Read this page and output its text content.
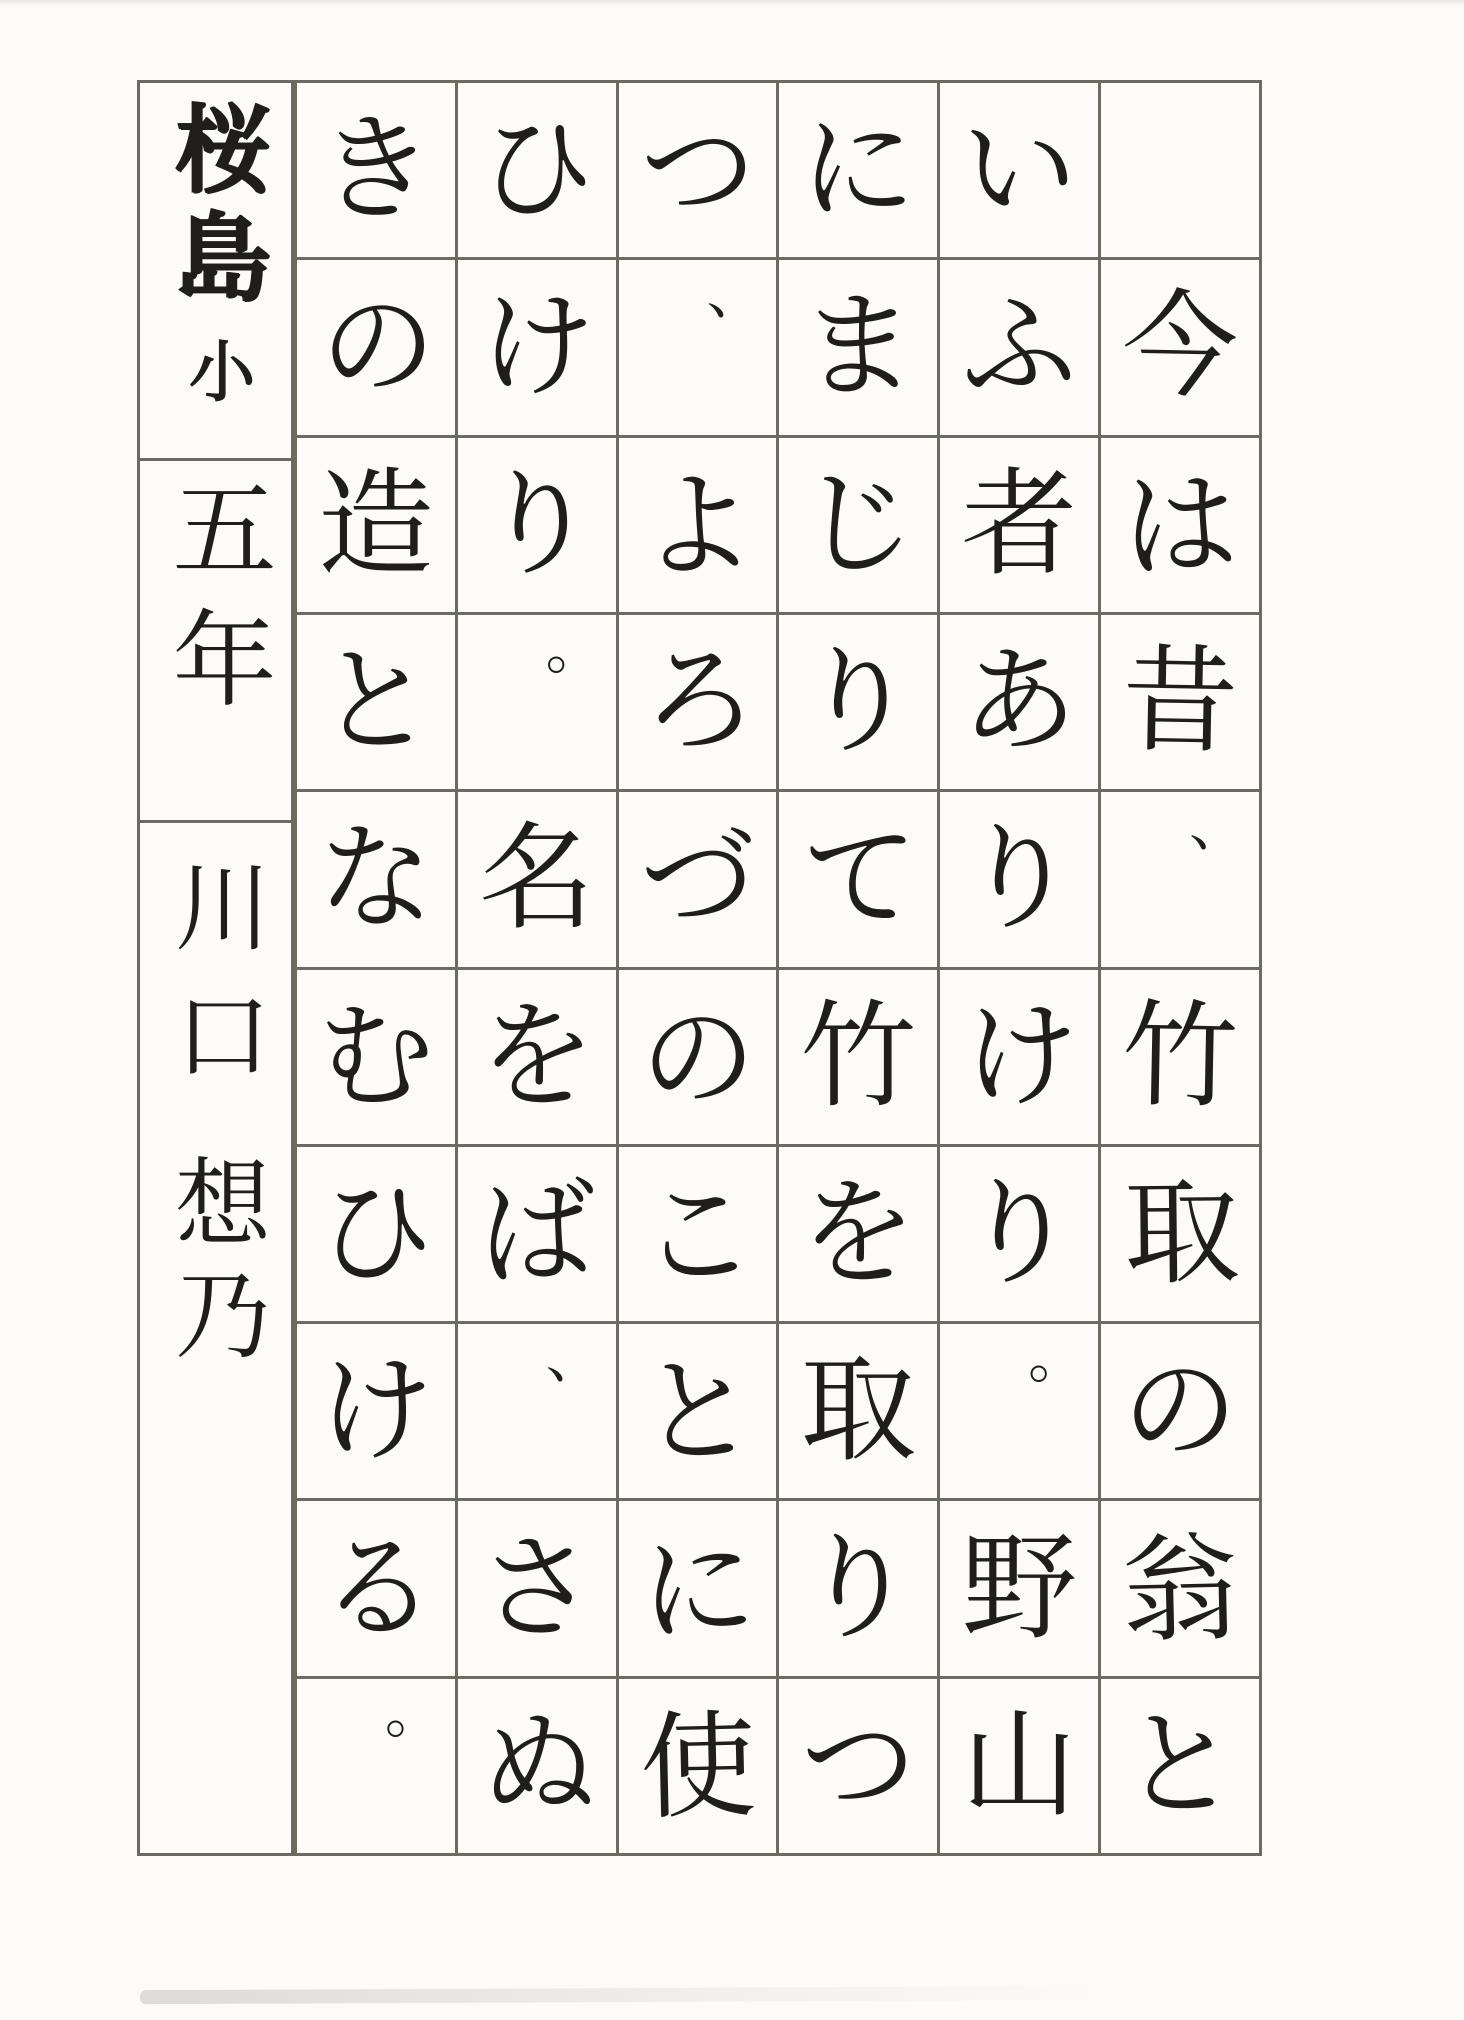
桜島
小
五年
川口
想乃
き ひ つ に い
の け 、 ま ふ 今
造 り よ じ 者 は
と 。 ろ り あ 昔
な 名 づ て り 、
む を の 竹 け 竹
ひ ば こ を り 取
け 、 と 取 。 の
る さ に り 野 翁
。 ぬ 使 つ 山 と
